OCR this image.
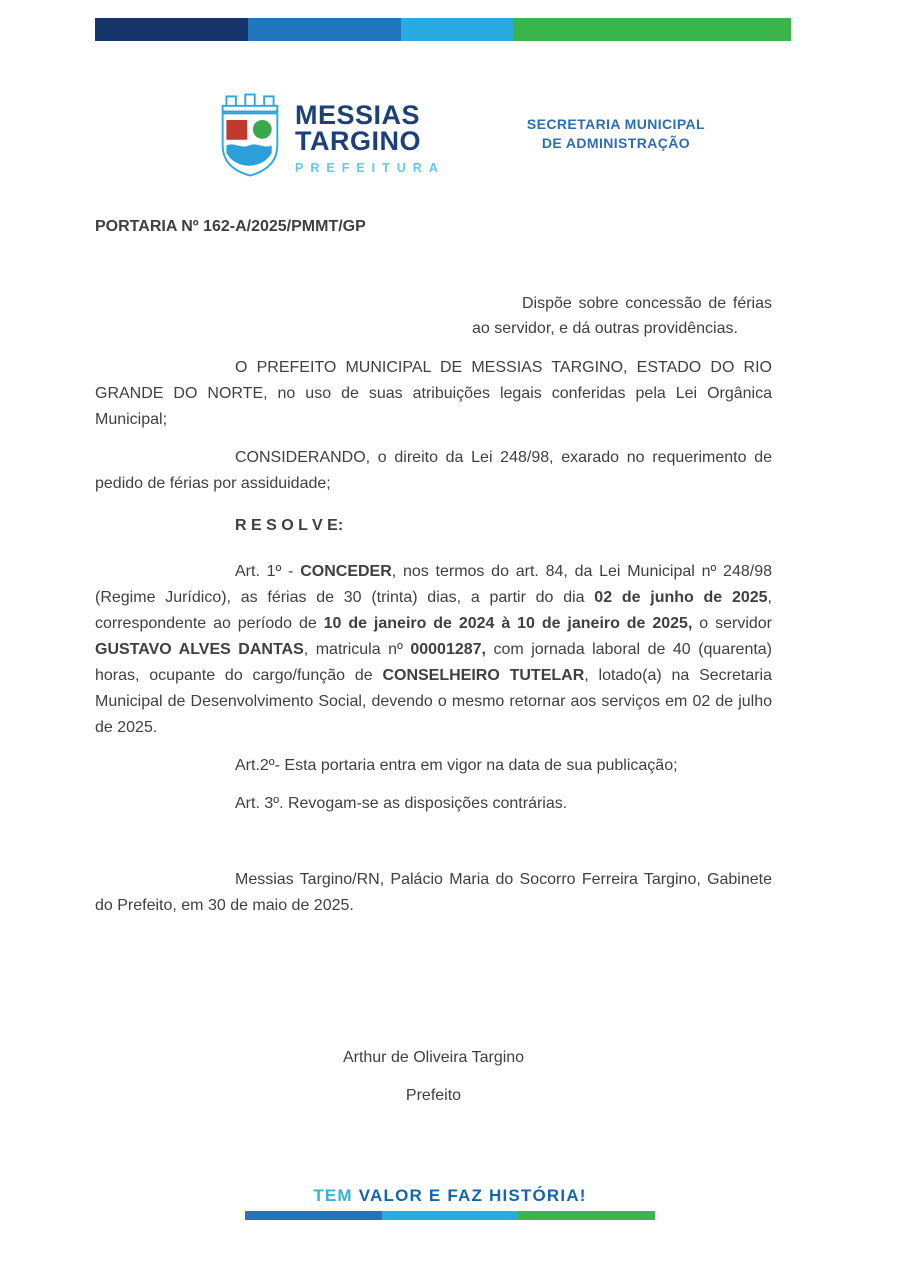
MESSIAS
TARGINO
PREFEITURA
SECRETARIA MUNICIPAL
DE ADMINISTRAÇÃO
PORTARIA Nº 162-A/2025/PMMT/GP

Dispõe sobre concessão de férias ao servidor, e dá outras providências.

O PREFEITO MUNICIPAL DE MESSIAS TARGINO, ESTADO DO RIO GRANDE DO NORTE, no uso de suas atribuições legais conferidas pela Lei Orgânica Municipal;

CONSIDERANDO, o direito da Lei 248/98, exarado no requerimento de pedido de férias por assiduidade;

R E S O L V E:

Art. 1º - CONCEDER, nos termos do art. 84, da Lei Municipal nº 248/98 (Regime Jurídico), as férias de 30 (trinta) dias, a partir do dia 02 de junho de 2025, correspondente ao período de 10 de janeiro de 2024 à 10 de janeiro de 2025, o servidor GUSTAVO ALVES DANTAS, matricula nº 00001287, com jornada laboral de 40 (quarenta) horas, ocupante do cargo/função de CONSELHEIRO TUTELAR, lotado(a) na Secretaria Municipal de Desenvolvimento Social, devendo o mesmo retornar aos serviços em 02 de julho de 2025.

Art.2º- Esta portaria entra em vigor na data de sua publicação;

Art. 3º. Revogam-se as disposições contrárias.

Messias Targino/RN, Palácio Maria do Socorro Ferreira Targino, Gabinete do Prefeito, em 30 de maio de 2025.

Arthur de Oliveira Targino
Prefeito
TEM VALOR E FAZ HISTÓRIA!
